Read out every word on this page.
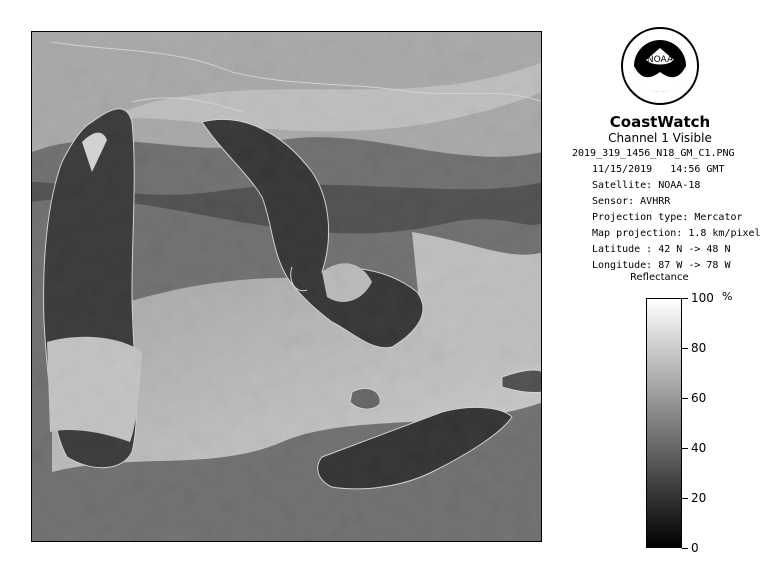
NOAA
CoastWatch
Channel 1 Visible
2019_319_1456_N18_GM_C1.PNG
11/15/2019 14:56 GMT
Satellite: NOAA-18
Sensor: AVHRR
Projection type: Mercator
Map projection: 1.8 km/pixel
Latitude : 42 N -> 48 N
Longitude: 87 W -> 78 W
Reflectance
%
100
80
60
40
20
0
